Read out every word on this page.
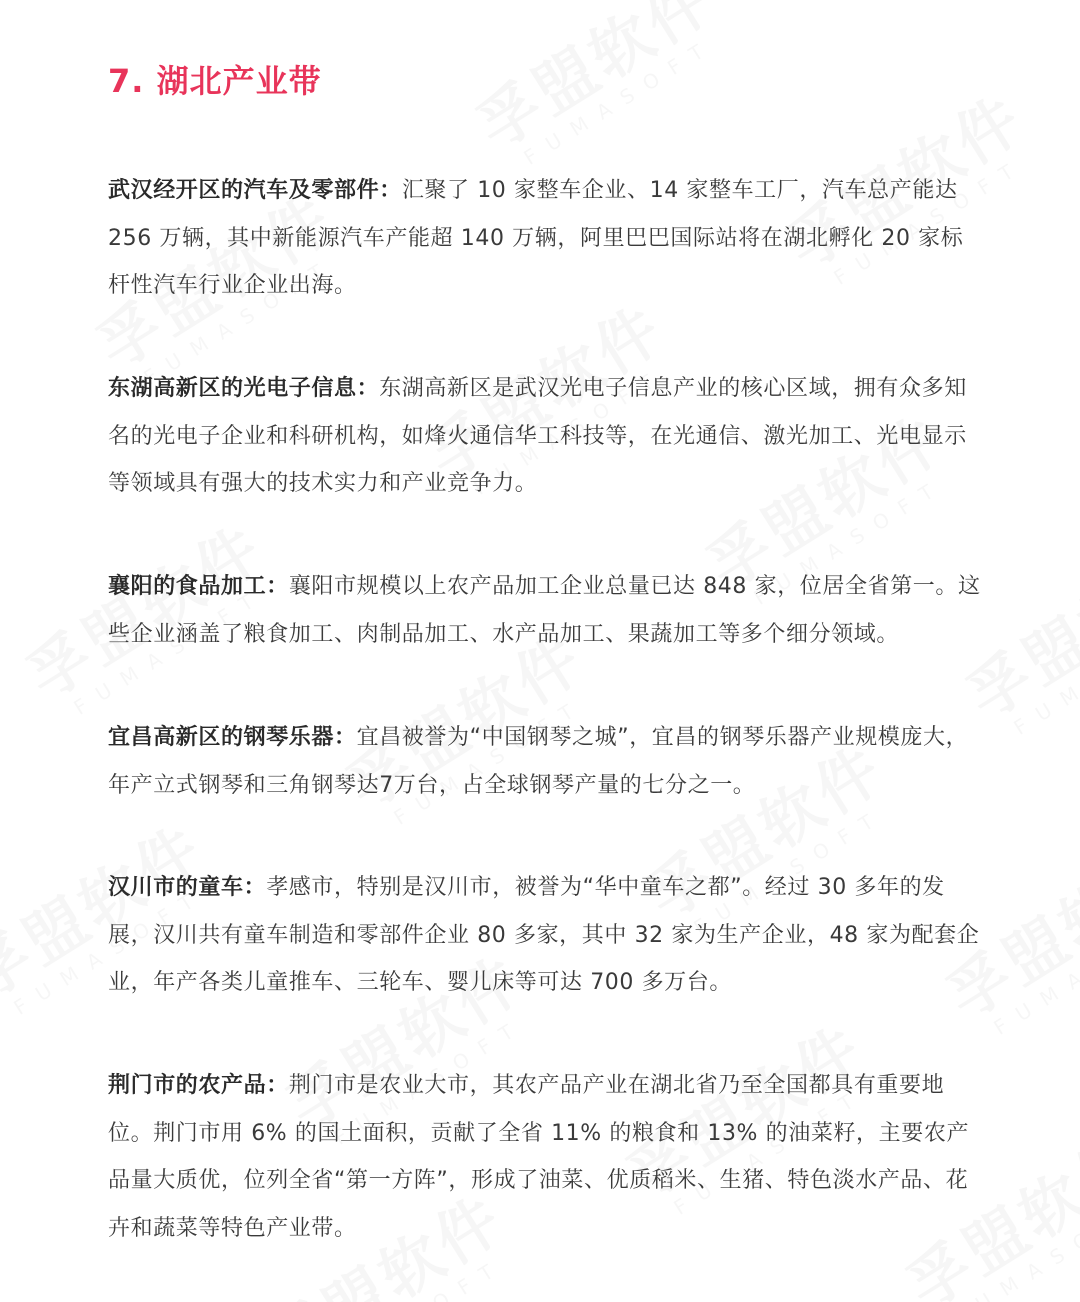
7. 湖北产业带

武汉经开区的汽车及零部件：汇聚了 10 家整车企业、14 家整车工厂，汽车总产能达 256 万辆，其中新能源汽车产能超 140 万辆，阿里巴巴国际站将在湖北孵化 20 家标杆性汽车行业企业出海。

东湖高新区的光电子信息：东湖高新区是武汉光电子信息产业的核心区域，拥有众多知名的光电子企业和科研机构，如烽火通信华工科技等，在光通信、激光加工、光电显示等领域具有强大的技术实力和产业竞争力。

襄阳的食品加工：襄阳市规模以上农产品加工企业总量已达 848 家，位居全省第一。这些企业涵盖了粮食加工、肉制品加工、水产品加工、果蔬加工等多个细分领域。

宜昌高新区的钢琴乐器：宜昌被誉为“中国钢琴之城”，宜昌的钢琴乐器产业规模庞大，年产立式钢琴和三角钢琴达7万台，占全球钢琴产量的七分之一。

汉川市的童车：孝感市，特别是汉川市，被誉为“华中童车之都”。经过 30 多年的发展，汉川共有童车制造和零部件企业 80 多家，其中 32 家为生产企业，48 家为配套企业，年产各类儿童推车、三轮车、婴儿床等可达 700 多万台。

荆门市的农产品：荆门市是农业大市，其农产品产业在湖北省乃至全国都具有重要地位。荆门市用 6% 的国土面积，贡献了全省 11% 的粮食和 13% 的油菜籽，主要农产品量大质优，位列全省“第一方阵”，形成了油菜、优质稻米、生猪、特色淡水产品、花卉和蔬菜等特色产业带。
